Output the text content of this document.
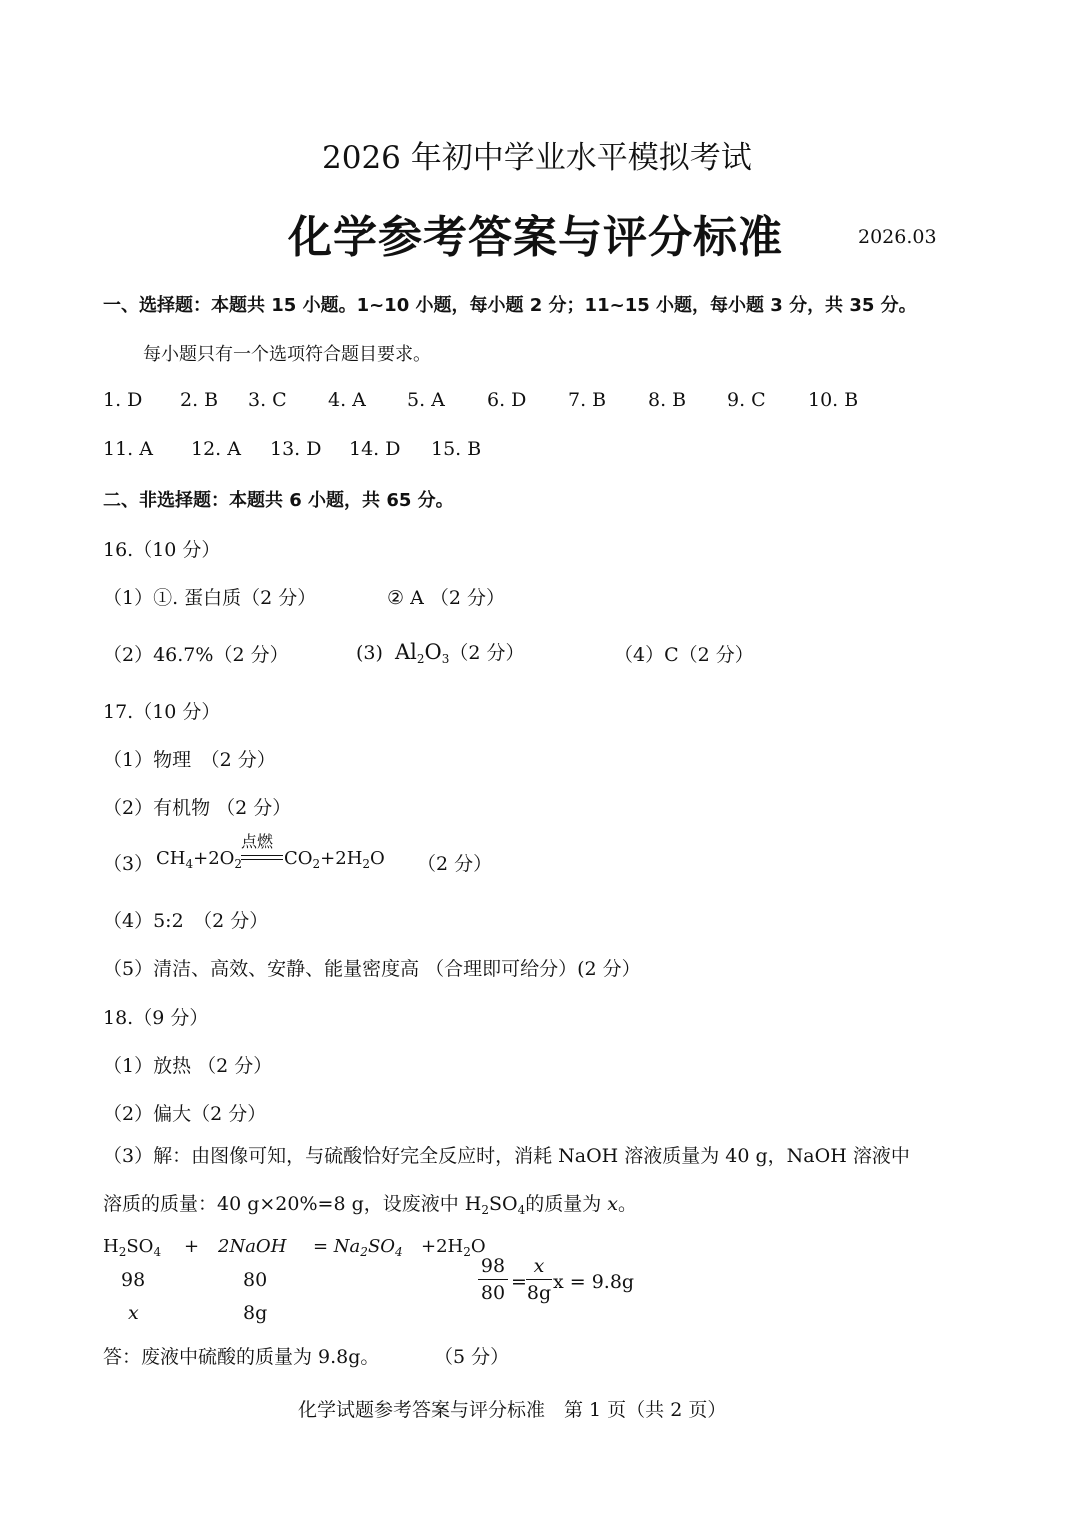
2026 年初中学业水平模拟考试
化学参考答案与评分标准	2026.03
一、选择题：本题共 15 小题。1~10 小题，每小题 2 分；11~15 小题，每小题 3 分，共 35 分。
每小题只有一个选项符合题目要求。
1. D 2. B 3. C 4. A 5. A 6. D 7. B 8. B 9. C 10. B
11. A 12. A 13. D 14. D 15. B
二、非选择题：本题共 6 小题，共 65 分。
16.（10 分）
（1）①. 蛋白质（2 分）	② A （2 分）
（2）46.7%（2 分）	(3) $Al_2O_3(2$ 分）	（4）C（2 分）
17.（10 分）
（1）物理　（2 分）
（2）有机物 （2 分）
（3） $CH_4+2O_2$
点燃
$CO_2+2H_2O$ （2 分）
（4）5:2　（2 分）
（5）清洁、高效、安静、能量密度高 （合理即可给分）(2 分）
18.（9 分）
（1）放热 （2 分）
（2）偏大（2 分）
（3）解：由图像可知，与硫酸恰好完全反应时，消耗 NaOH 溶液质量为 40 g，NaOH 溶液中
溶质的质量：40 g×20%=8 g，设废液中 $H_2SO_4$的质量为 x。
$H_2SO_4$ + 2NaOH = $Na_2SO_4 +2H_2O$
98	80
x	8g
98
80 =
x
8g x = 9.8g
答：废液中硫酸的质量为 9.8g。	（5 分）
化学试题参考答案与评分标准　第 1 页（共 2 页）
